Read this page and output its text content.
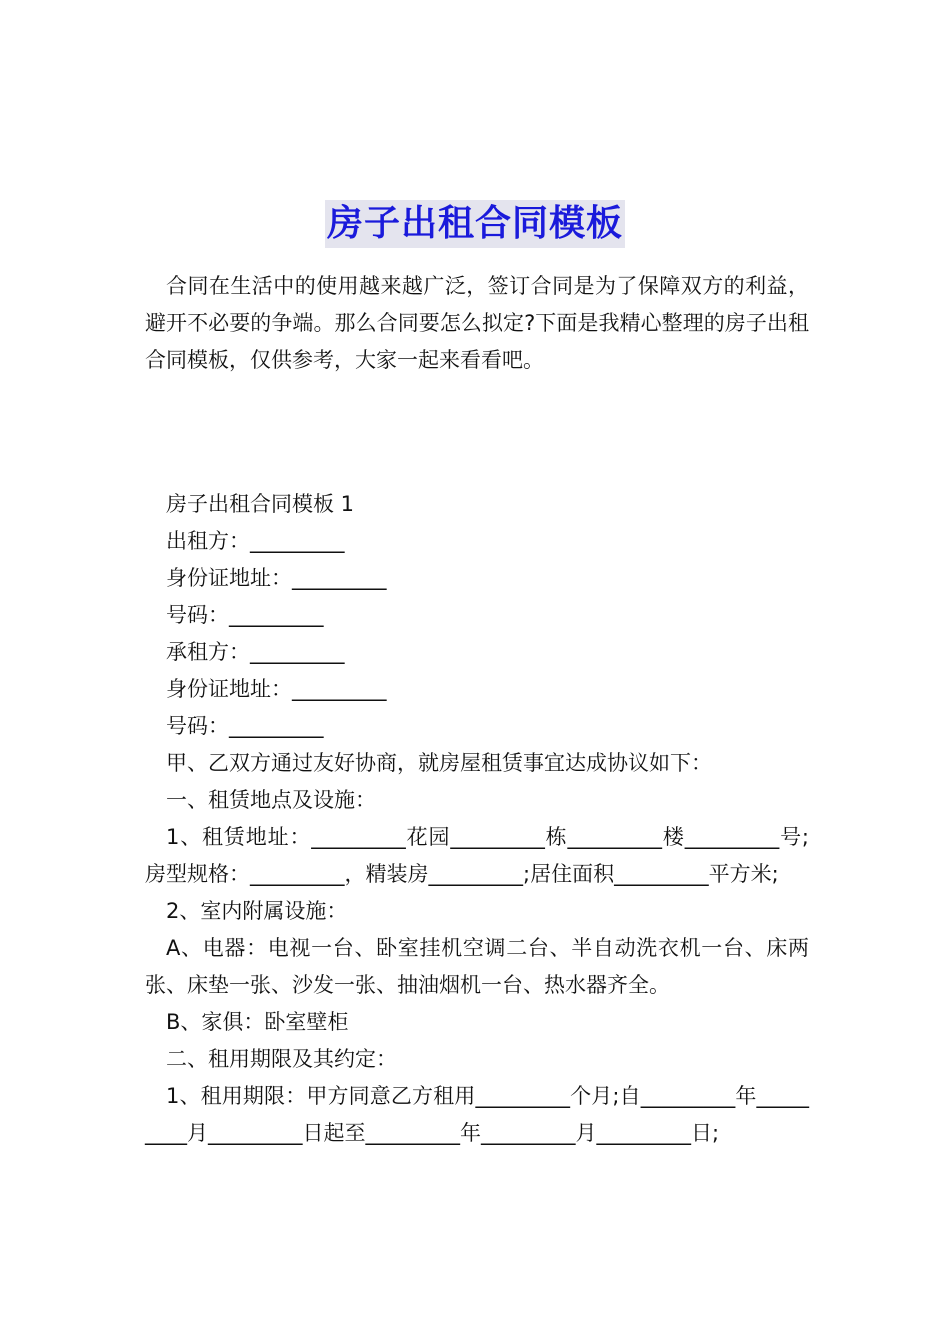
房子出租合同模板

合同在生活中的使用越来越广泛，签订合同是为了保障双方的利益，避开不必要的争端。那么合同要怎么拟定?下面是我精心整理的房子出租合同模板，仅供参考，大家一起来看看吧。

房子出租合同模板 1

出租方：_________

身份证地址：_________

号码：_________

承租方：_________

身份证地址：_________

号码：_________

甲、乙双方通过友好协商，就房屋租赁事宜达成协议如下：

一、租赁地点及设施：

1、租赁地址：_________花园_________栋_________楼_________号;房型规格：_________，精装房_________;居住面积_________平方米;

2、室内附属设施：

A、电器：电视一台、卧室挂机空调二台、半自动洗衣机一台、床两张、床垫一张、沙发一张、抽油烟机一台、热水器齐全。

B、家俱：卧室壁柜

二、租用期限及其约定：

1、租用期限：甲方同意乙方租用_________个月;自_________年_________月_________日起至_________年_________月_________日;
